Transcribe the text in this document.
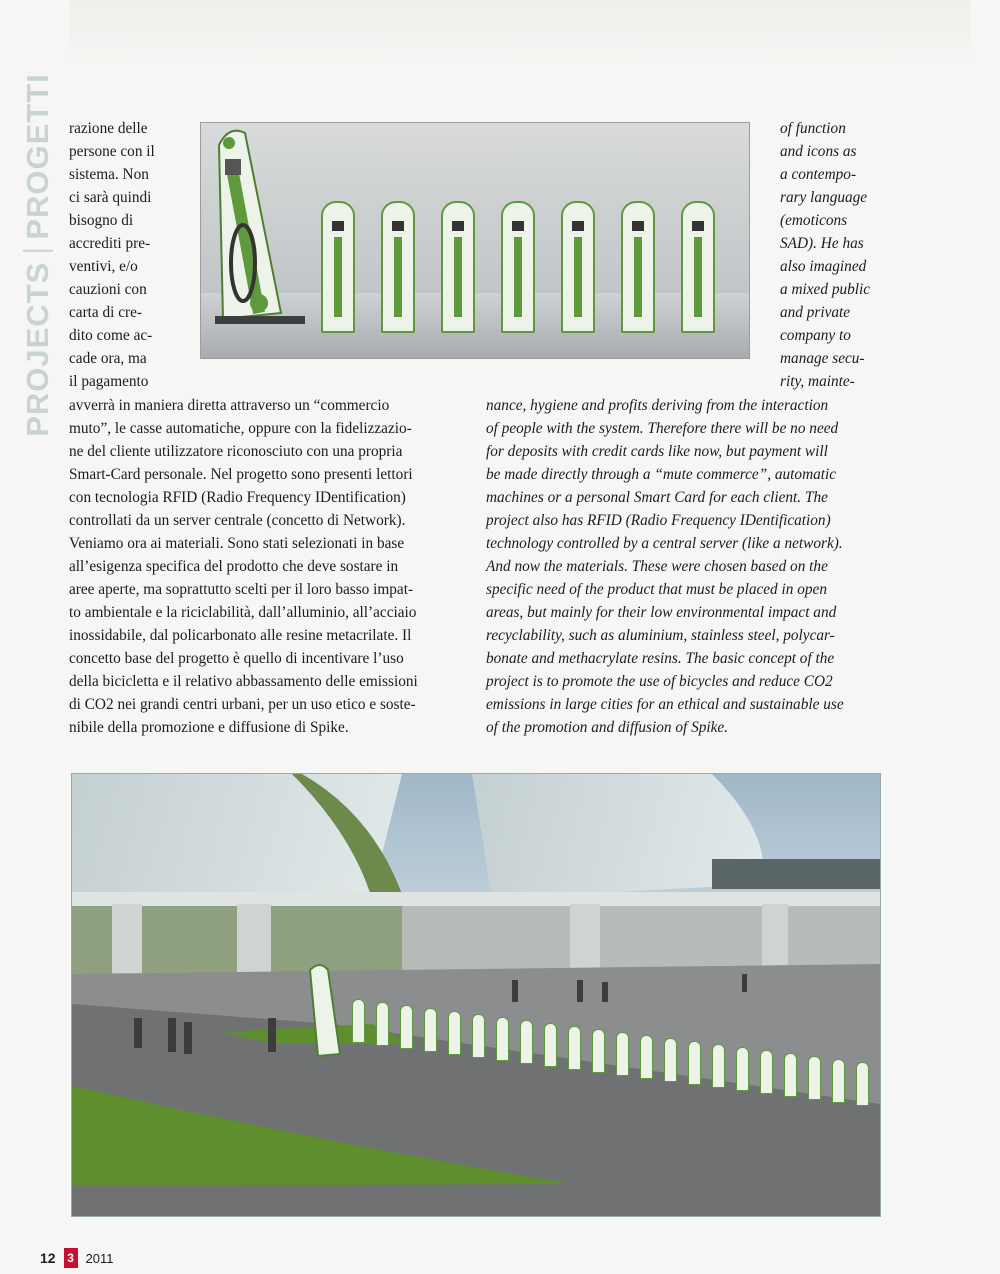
PROJECTS
PROGETTI razione delle

persone con il

sistema. Non

ci sarà quindi

bisogno di

accrediti pre-

ventivi, e/o

cauzioni con

carta di cre-

dito come ac-

cade ora, ma

il pagamento

avverrà in maniera diretta attraverso un “commercio

muto”, le casse automatiche, oppure con la fidelizzazio-

ne del cliente utilizzatore riconosciuto con una propria

Smart-Card personale. Nel progetto sono presenti lettori

con tecnologia RFID (Radio Frequency IDentification)

controllati da un server centrale (concetto di Network).

Veniamo ora ai materiali. Sono stati selezionati in base

all’esigenza specifica del prodotto che deve sostare in

aree aperte, ma soprattutto scelti per il loro basso impat-

to ambientale e la riciclabilità, dall’alluminio, all’acciaio

inossidabile, dal policarbonato alle resine metacrilate. Il

concetto base del progetto è quello di incentivare l’uso

della bicicletta e il relativo abbassamento delle emissioni

di CO2 nei grandi centri urbani, per un uso etico e soste-

nibile della promozione e diffusione di Spike.

of function

and icons as

a contempo-

rary language

(emoticons

SAD). He has

also imagined

a mixed public

and private

company to

manage secu-

rity, mainte-

nance, hygiene and profits deriving from the interaction

of people with the system. Therefore there will be no need

for deposits with credit cards like now, but payment will

be made directly through a “mute commerce”, automatic

machines or a personal Smart Card for each client. The

project also has RFID (Radio Frequency IDentification)

technology controlled by a central server (like a network).

And now the materials. These were chosen based on the

specific need of the product that must be placed in open

areas, but mainly for their low environmental impact and

recyclability, such as aluminium, stainless steel, polycar-

bonate and methacrylate resins. The basic concept of the

project is to promote the use of bicycles and reduce CO2

emissions in large cities for an ethical and sustainable use

of the promotion and diffusion of Spike.

12 3 2011
